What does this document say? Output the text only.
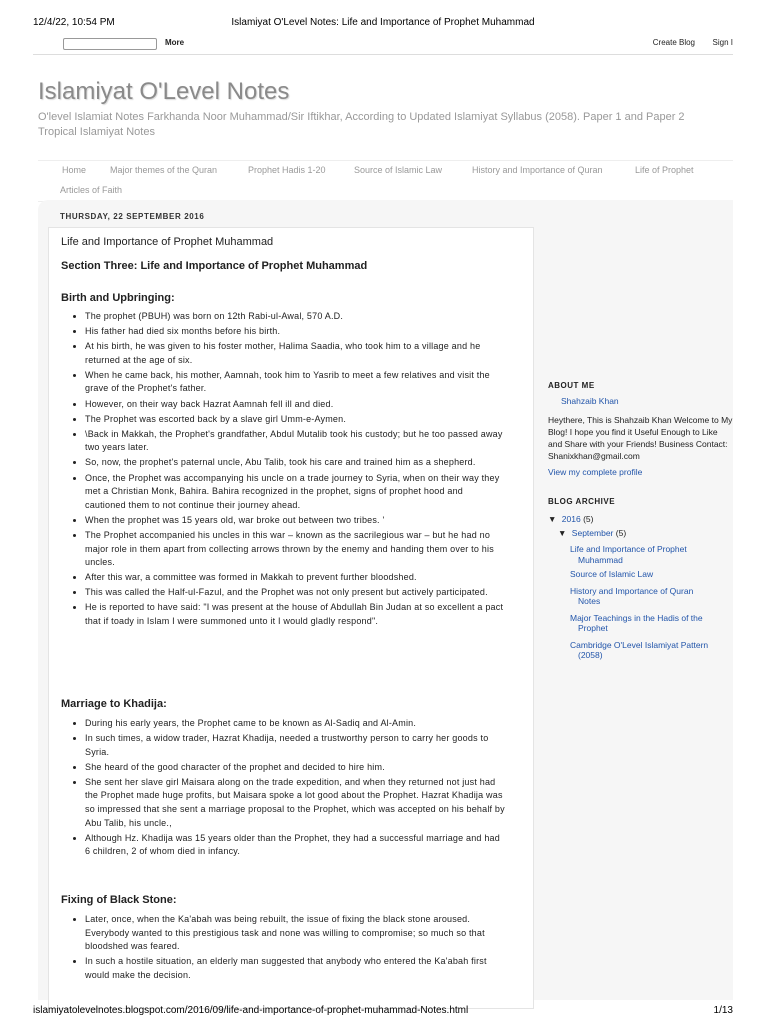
12/4/22, 10:54 PM	Islamiyat O'Level Notes: Life and Importance of Prophet Muhammad
More	Create Blog Sign I
Islamiyat O'Level Notes
O'level Islamiat Notes Farkhanda Noor Muhammad/Sir Iftikhar, According to Updated Islamiyat Syllabus (2058). Paper 1 and Paper 2 Tropical Islamiyat Notes
Home	Major themes of the Quran	Prophet Hadis 1-20	Source of Islamic Law	History and Importance of Quran	Life of Prophet
Articles of Faith
THURSDAY, 22 SEPTEMBER 2016
Life and Importance of Prophet Muhammad
Section Three: Life and Importance of Prophet Muhammad
Birth and Upbringing:
• The prophet (PBUH) was born on 12th Rabi-ul-Awal, 570 A.D.
• His father had died six months before his birth.
• At his birth, he was given to his foster mother, Halima Saadia, who took him to a village and he returned at the age of six.
• When he came back, his mother, Aamnah, took him to Yasrib to meet a few relatives and visit the grave of the Prophet's father.
• However, on their way back Hazrat Aamnah fell ill and died.
• The Prophet was escorted back by a slave girl Umm-e-Aymen.
• \Back in Makkah, the Prophet's grandfather, Abdul Mutalib took his custody; but he too passed away two years later.
• So, now, the prophet's paternal uncle, Abu Talib, took his care and trained him as a shepherd.
• Once, the Prophet was accompanying his uncle on a trade journey to Syria, when on their way they met a Christian Monk, Bahira. Bahira recognized in the prophet, signs of prophet hood and cautioned them to not continue their journey ahead.
• When the prophet was 15 years old, war broke out between two tribes. '
• The Prophet accompanied his uncles in this war – known as the sacrilegious war – but he had no major role in them apart from collecting arrows thrown by the enemy and handing them over to his uncles.
• After this war, a committee was formed in Makkah to prevent further bloodshed.
• This was called the Half-ul-Fazul, and the Prophet was not only present but actively participated.
• He is reported to have said: "I was present at the house of Abdullah Bin Judan at so excellent a pact that if toady in Islam I were summoned unto it I would gladly respond".
Marriage to Khadija:
• During his early years, the Prophet came to be known as Al-Sadiq and Al-Amin.
• In such times, a widow trader, Hazrat Khadija, needed a trustworthy person to carry her goods to Syria.
• She heard of the good character of the prophet and decided to hire him.
• She sent her slave girl Maisara along on the trade expedition, and when they returned not just had the Prophet made huge profits, but Maisara spoke a lot good about the Prophet. Hazrat Khadija was so impressed that she sent a marriage proposal to the Prophet, which was accepted on his behalf by Abu Talib, his uncle.,
• Although Hz. Khadija was 15 years older than the Prophet, they had a successful marriage and had 6 children, 2 of whom died in infancy.
Fixing of Black Stone:
• Later, once, when the Ka'abah was being rebuilt, the issue of fixing the black stone aroused. Everybody wanted to this prestigious task and none was willing to compromise; so much so that bloodshed was feared.
• In such a hostile situation, an elderly man suggested that anybody who entered the Ka'abah first would make the decision.
ABOUT ME
Shahzaib Khan
Heythere, This is Shahzaib Khan Welcome to My Blog! I hope you find it Useful Enough to Like and Share with your Friends! Business Contact: Shanixkhan@gmail.com
View my complete profile
BLOG ARCHIVE
▼ 2016 (5)
▼ September (5)
Life and Importance of Prophet Muhammad
Source of Islamic Law
History and Importance of Quran Notes
Major Teachings in the Hadis of the Prophet
Cambridge O'Level Islamiyat Pattern (2058)
islamiyatolevelnotes.blogspot.com/2016/09/life-and-importance-of-prophet-muhammad-Notes.html	1/13
